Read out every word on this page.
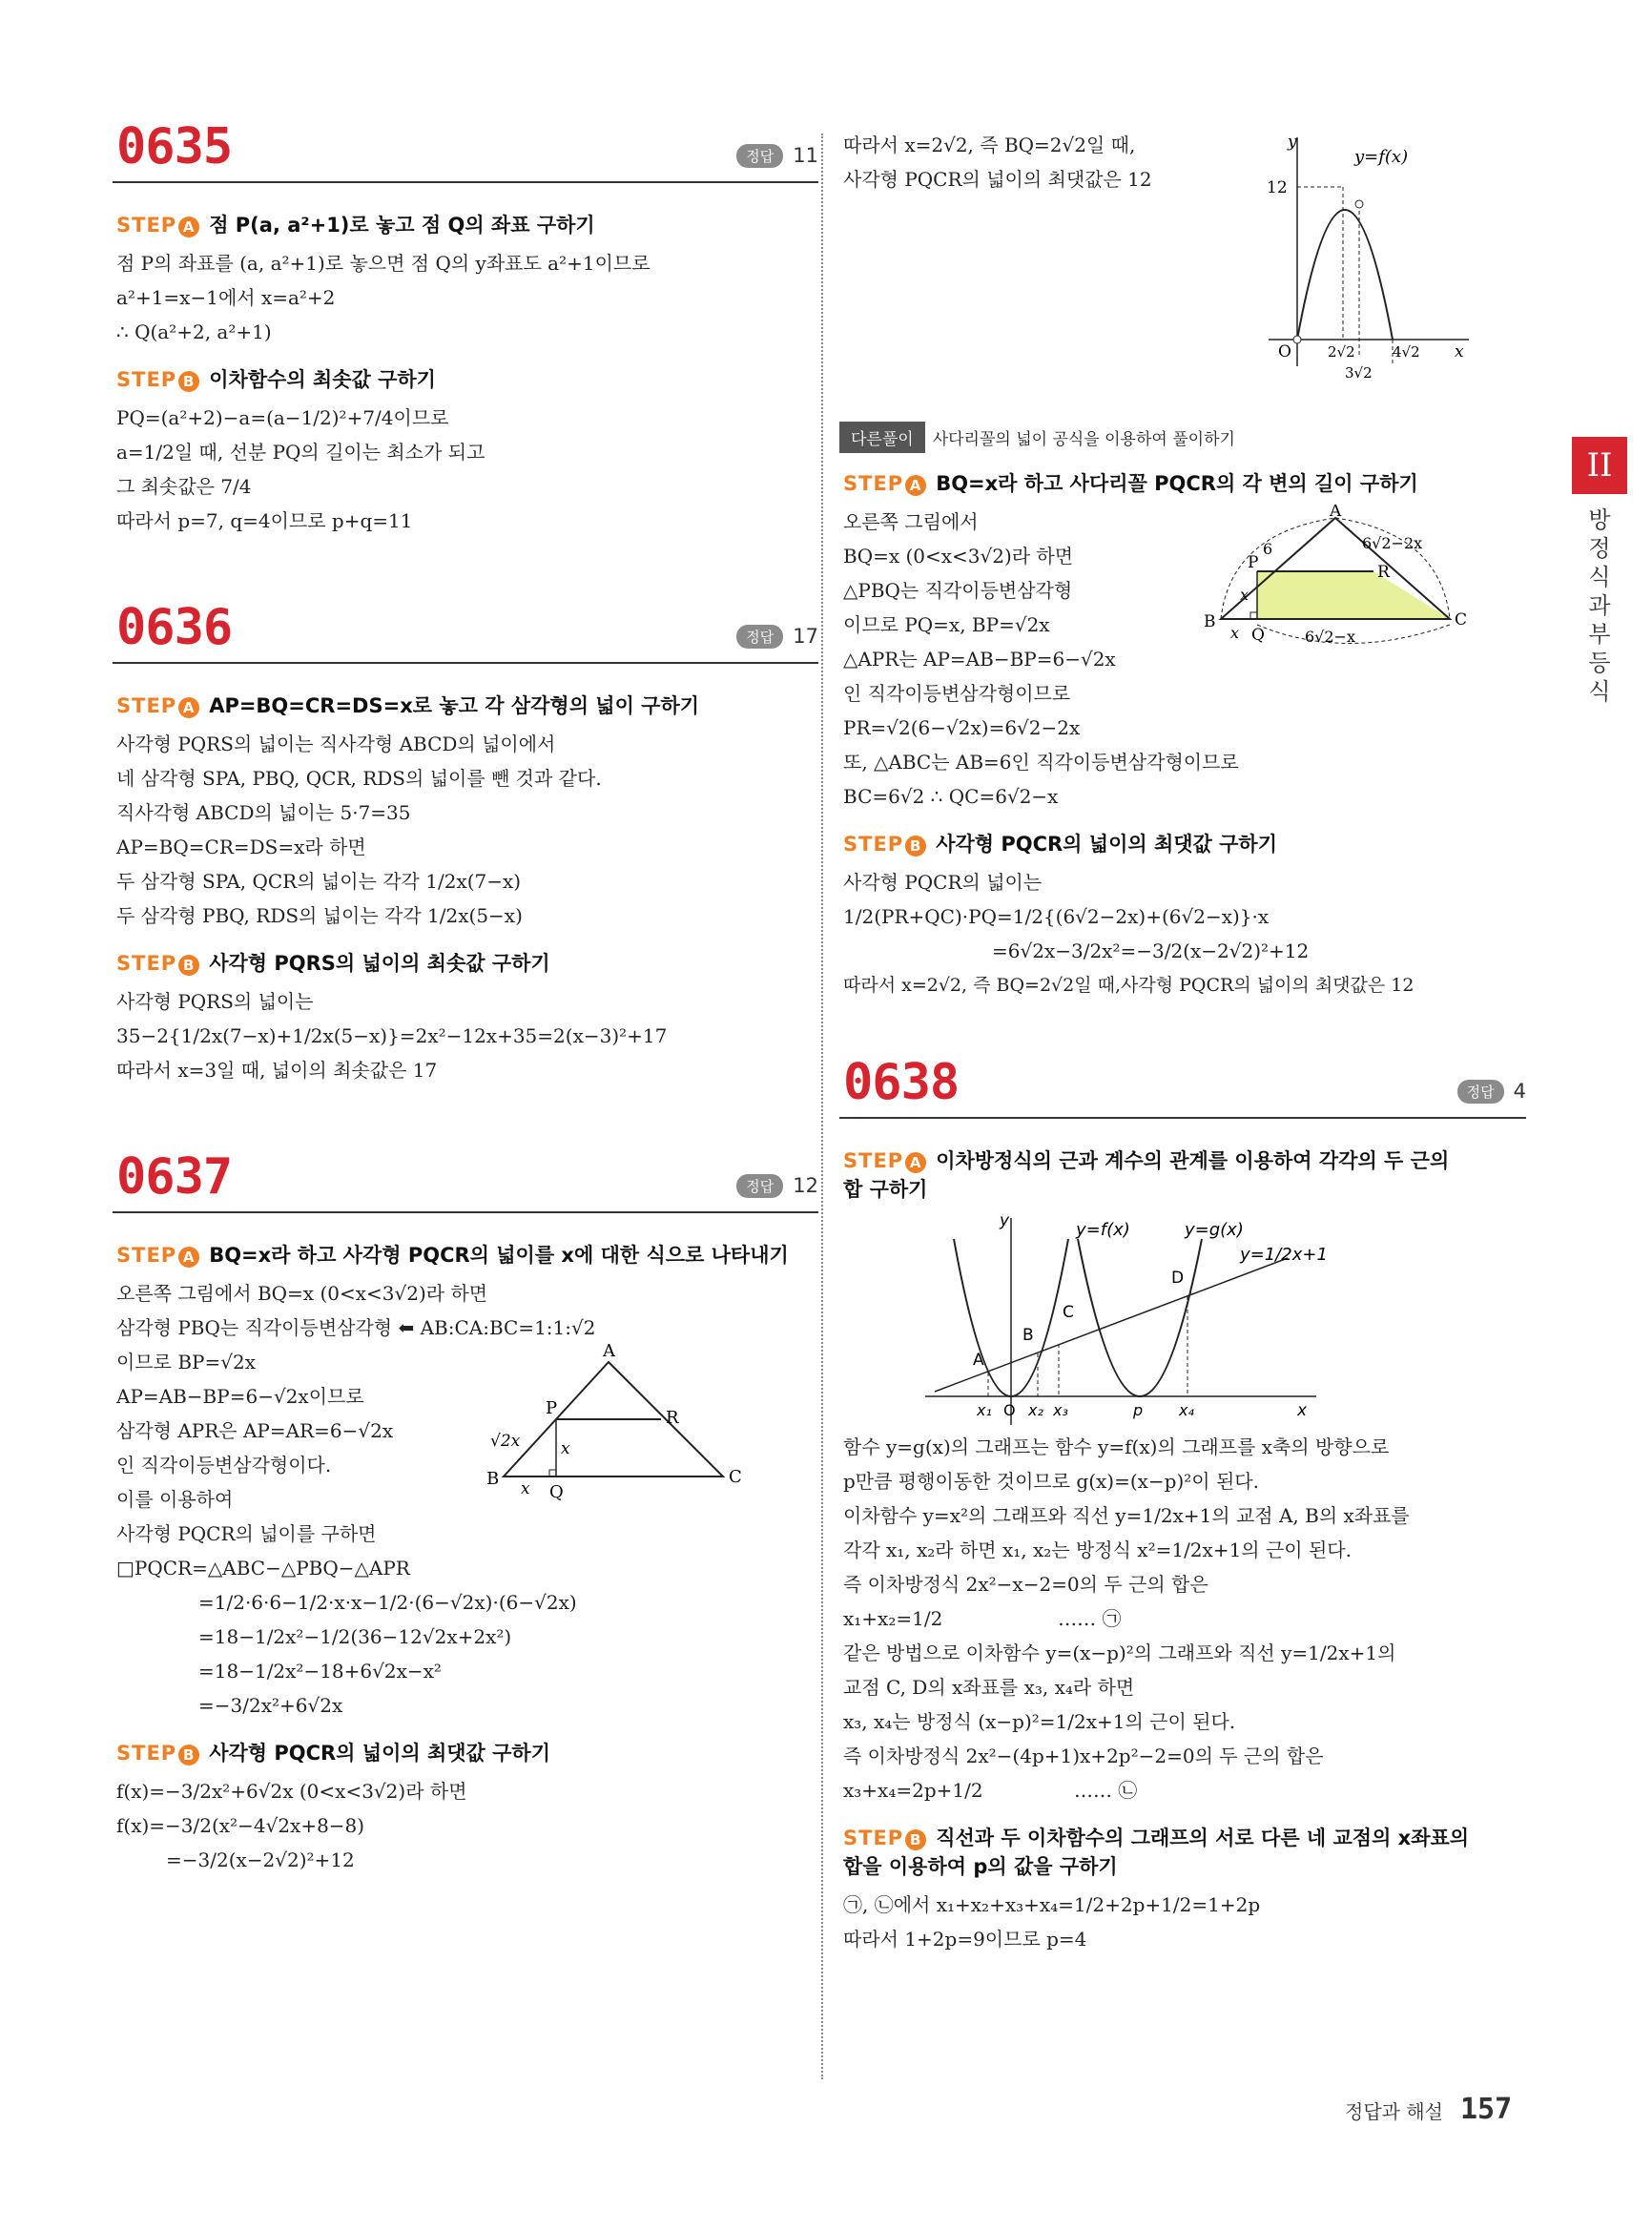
0635	정답 11
STEP A 점 P(a, a²+1)로 놓고 점 Q의 좌표 구하기
점 P의 좌표를 (a, a²+1)로 놓으면 점 Q의 y좌표도 a²+1이므로
a²+1=x−1에서 x=a²+2
∴ Q(a²+2, a²+1)
STEP B 이차함수의 최솟값 구하기
PQ=(a²+2)−a=(a−1/2)²+7/4이므로
a=1/2일 때, 선분 PQ의 길이는 최소가 되고
그 최솟값은 7/4
따라서 p=7, q=4이므로 p+q=11
0636	정답 17
STEP A AP=BQ=CR=DS=x로 놓고 각 삼각형의 넓이 구하기
사각형 PQRS의 넓이는 직사각형 ABCD의 넓이에서
네 삼각형 SPA, PBQ, QCR, RDS의 넓이를 뺀 것과 같다.
직사각형 ABCD의 넓이는 5·7=35
AP=BQ=CR=DS=x라 하면
두 삼각형 SPA, QCR의 넓이는 각각 1/2x(7−x)
두 삼각형 PBQ, RDS의 넓이는 각각 1/2x(5−x)
STEP B 사각형 PQRS의 넓이의 최솟값 구하기
사각형 PQRS의 넓이는
35−2{1/2x(7−x)+1/2x(5−x)}=2x²−12x+35=2(x−3)²+17
따라서 x=3일 때, 넓이의 최솟값은 17
0637	정답 12
STEP A BQ=x라 하고 사각형 PQCR의 넓이를 x에 대한 식으로 나타내기
오른쪽 그림에서 BQ=x (0<x<3√2)라 하면
삼각형 PBQ는 직각이등변삼각형 ⬅ AB:CA:BC=1:1:√2
이므로 BP=√2x
AP=AB−BP=6−√2x이므로
삼각형 APR은 AP=AR=6−√2x
인 직각이등변삼각형이다.
이를 이용하여
사각형 PQCR의 넓이를 구하면
□PQCR=△ABC−△PBQ−△APR
=1/2·6·6−1/2·x·x−1/2·(6−√2x)·(6−√2x)
=18−1/2x²−1/2(36−12√2x+2x²)
=18−1/2x²−18+6√2x−x²
=−3/2x²+6√2x
A
B	C
P
Q
R
√2x	x
x
STEP B 사각형 PQCR의 넓이의 최댓값 구하기
f(x)=−3/2x²+6√2x (0<x<3√2)라 하면
f(x)=−3/2(x²−4√2x+8−8)
=−3/2(x−2√2)²+12
따라서 x=2√2, 즉 BQ=2√2일 때,
사각형 PQCR의 넓이의 최댓값은 12
y
y=f(x)
12
O	2√2
3√2
4√2 x
다른풀이 사다리꼴의 넓이 공식을 이용하여 풀이하기
STEP A BQ=x라 하고 사다리꼴 PQCR의 각 변의 길이 구하기
오른쪽 그림에서
BQ=x (0<x<3√2)라 하면
△PBQ는 직각이등변삼각형
이므로 PQ=x, BP=√2x
△APR는 AP=AB−BP=6−√2x
인 직각이등변삼각형이므로
PR=√2(6−√2x)=6√2−2x
또, △ABC는 AB=6인 직각이등변삼각형이므로
BC=6√2 ∴ QC=6√2−x
A
B	C
P
Q
R
6	6√2−2x
6√2−x
x
x
STEP B 사각형 PQCR의 넓이의 최댓값 구하기
사각형 PQCR의 넓이는
1/2(PR+QC)·PQ=1/2{(6√2−2x)+(6√2−x)}·x
=6√2x−3/2x²=−3/2(x−2√2)²+12
따라서 x=2√2, 즉 BQ=2√2일 때,사각형 PQCR의 넓이의 최댓값은 12
0638	정답 4
STEP A 이차방정식의 근과 계수의 관계를 이용하여 각각의 두 근의 합 구하기
y	y=f(x)	y=g(x)
y=1/2x+1
A
B
C
D
x₁ O x₂ x₃	p x₄	x
함수 y=g(x)의 그래프는 함수 y=f(x)의 그래프를 x축의 방향으로
p만큼 평행이동한 것이므로 g(x)=(x−p)²이 된다.
이차함수 y=x²의 그래프와 직선 y=1/2x+1의 교점 A, B의 x좌표를
각각 x₁, x₂라 하면 x₁, x₂는 방정식 x²=1/2x+1의 근이 된다.
즉 이차방정식 2x²−x−2=0의 두 근의 합은
x₁+x₂=1/2                   …… ㉠
같은 방법으로 이차함수 y=(x−p)²의 그래프와 직선 y=1/2x+1의
교점 C, D의 x좌표를 x₃, x₄라 하면
x₃, x₄는 방정식 (x−p)²=1/2x+1의 근이 된다.
즉 이차방정식 2x²−(4p+1)x+2p²−2=0의 두 근의 합은
x₃+x₄=2p+1/2               …… ㉡
STEP B 직선과 두 이차함수의 그래프의 서로 다른 네 교점의 x좌표의 합을 이용하여 p의 값을 구하기
㉠, ㉡에서 x₁+x₂+x₃+x₄=1/2+2p+1/2=1+2p
따라서 1+2p=9이므로 p=4
II
방정식과 부등식
정답과 해설 157
